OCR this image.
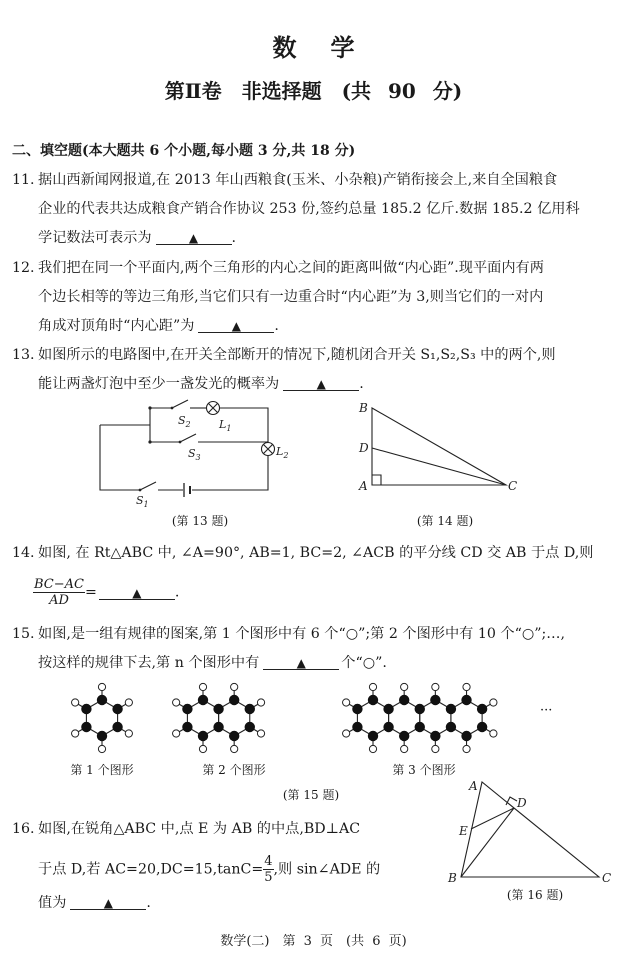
数学
第Ⅱ卷　非选择题　(共 90 分)
二、填空题(本大题共 6 个小题,每小题 3 分,共 18 分)
11. 据山西新闻网报道,在 2013 年山西粮食(玉米、小杂粮)产销衔接会上,来自全国粮食
企业的代表共达成粮食产销合作协议 253 份,签约总量 185.2 亿斤.数据 185.2 亿用科
学记数法可表示为	▲ .
12. 我们把在同一个平面内,两个三角形的内心之间的距离叫做“内心距”.现平面内有两
个边长相等的等边三角形,当它们只有一边重合时“内心距”为 3,则当它们的一对内
角成对顶角时“内心距”为	▲ .
13. 如图所示的电路图中,在开关全部断开的情况下,随机闭合开关 S₁,S₂,S₃ 中的两个,则
能让两盏灯泡中至少一盏发光的概率为	▲ .
$S_2$	$L_1$
$S_3$	$L_2$
$S_1$
B
D
A	C
A
D
E
B	C
(第 13 题)	(第 14 题)
14. 如图, 在 Rt△ABC 中, ∠A=90°, AB=1, BC=2, ∠ACB 的平分线 CD 交 AB 于点 D,则
$\frac{BC-AC}{AD}$ =	▲ .
15. 如图,是一组有规律的图案,第 1 个图形中有 6 个“○”;第 2 个图形中有 10 个“○”;…,
按这样的规律下去,第 n 个图形中有	▲ 个“○”.
第 1 个图形	第 2 个图形	第 3 个图形
···
(第 15 题)
16. 如图,在锐角△ABC 中,点 E 为 AB 的中点,BD⊥AC
于点 D,若 $AC=20,DC=15,\tan C= \frac{4}{5}$ ,则 sin∠ADE 的
值为	▲ .	(第 16 题)
数学(二)　第 3 页　(共 6 页)
